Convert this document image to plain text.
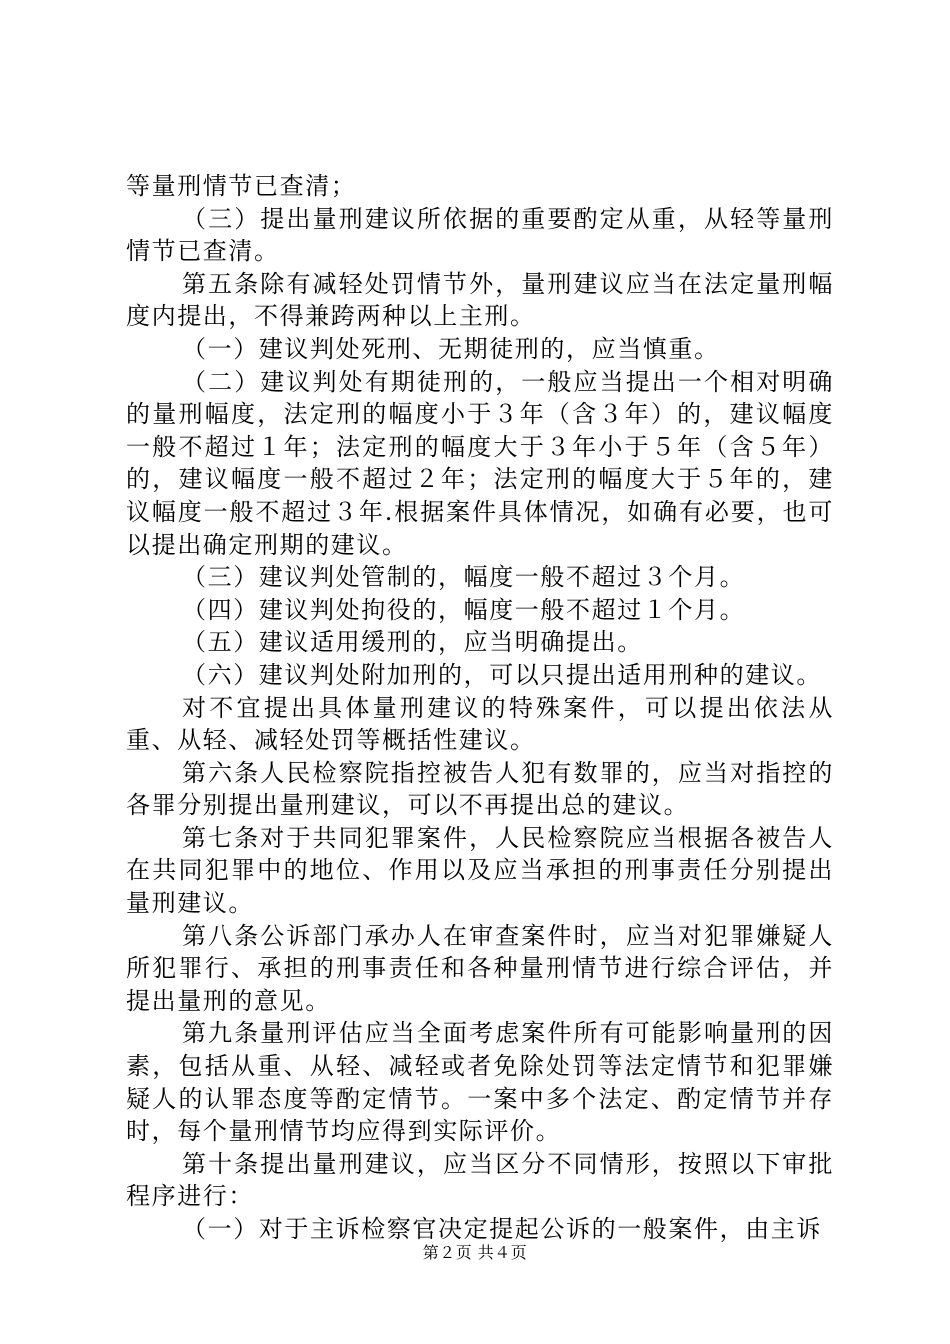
等量刑情节已查清；

（三）提出量刑建议所依据的重要酌定从重，从轻等量刑情节已查清。

第五条除有减轻处罚情节外，量刑建议应当在法定量刑幅度内提出，不得兼跨两种以上主刑。

（一）建议判处死刑、无期徒刑的，应当慎重。

（二）建议判处有期徒刑的，一般应当提出一个相对明确的量刑幅度，法定刑的幅度小于３年（含３年）的，建议幅度一般不超过１年；法定刑的幅度大于３年小于５年（含５年）的，建议幅度一般不超过２年；法定刑的幅度大于５年的，建议幅度一般不超过３年.根据案件具体情况，如确有必要，也可以提出确定刑期的建议。

（三）建议判处管制的，幅度一般不超过３个月。

（四）建议判处拘役的，幅度一般不超过１个月。

（五）建议适用缓刑的，应当明确提出。

（六）建议判处附加刑的，可以只提出适用刑种的建议。

对不宜提出具体量刑建议的特殊案件，可以提出依法从重、从轻、减轻处罚等概括性建议。

第六条人民检察院指控被告人犯有数罪的，应当对指控的各罪分别提出量刑建议，可以不再提出总的建议。

第七条对于共同犯罪案件，人民检察院应当根据各被告人在共同犯罪中的地位、作用以及应当承担的刑事责任分别提出量刑建议。

第八条公诉部门承办人在审查案件时，应当对犯罪嫌疑人所犯罪行、承担的刑事责任和各种量刑情节进行综合评估，并提出量刑的意见。

第九条量刑评估应当全面考虑案件所有可能影响量刑的因素，包括从重、从轻、减轻或者免除处罚等法定情节和犯罪嫌疑人的认罪态度等酌定情节。一案中多个法定、酌定情节并存时，每个量刑情节均应得到实际评价。

第十条提出量刑建议，应当区分不同情形，按照以下审批程序进行：

（一）对于主诉检察官决定提起公诉的一般案件，由主诉

第２页 共４页
